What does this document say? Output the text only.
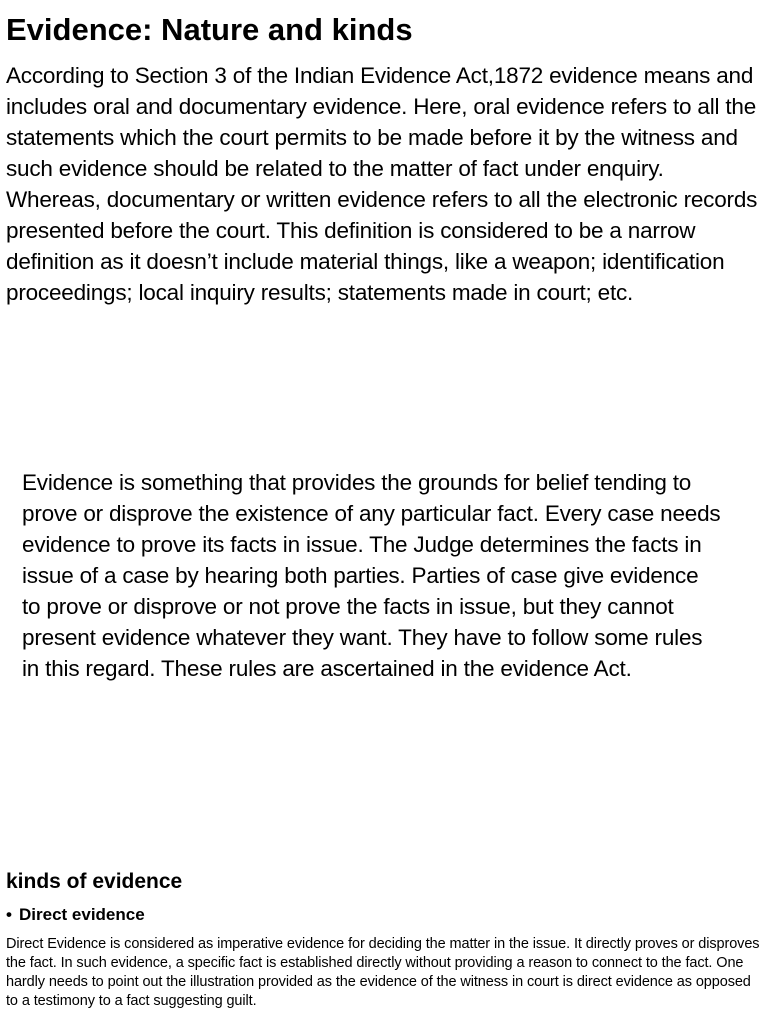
Evidence: Nature and kinds

According to Section 3 of the Indian Evidence Act,1872 evidence means and includes oral and documentary evidence. Here, oral evidence refers to all the statements which the court permits to be made before it by the witness and such evidence should be related to the matter of fact under enquiry. Whereas, documentary or written evidence refers to all the electronic records presented before the court. This definition is considered to be a narrow definition as it doesn’t include material things, like a weapon; identification proceedings; local inquiry results; statements made in court; etc.

Evidence is something that provides the grounds for belief tending to prove or disprove the existence of any particular fact. Every case needs evidence to prove its facts in issue. The Judge determines the facts in issue of a case by hearing both parties. Parties of case give evidence to prove or disprove or not prove the facts in issue, but they cannot present evidence whatever they want. They have to follow some rules in this regard. These rules are ascertained in the evidence Act.

kinds of evidence
• Direct evidence

Direct Evidence is considered as imperative evidence for deciding the matter in the issue. It directly proves or disproves the fact. In such evidence, a specific fact is established directly without providing a reason to connect to the fact. One hardly needs to point out the illustration provided as the evidence of the witness in court is direct evidence as opposed to a testimony to a fact suggesting guilt.
